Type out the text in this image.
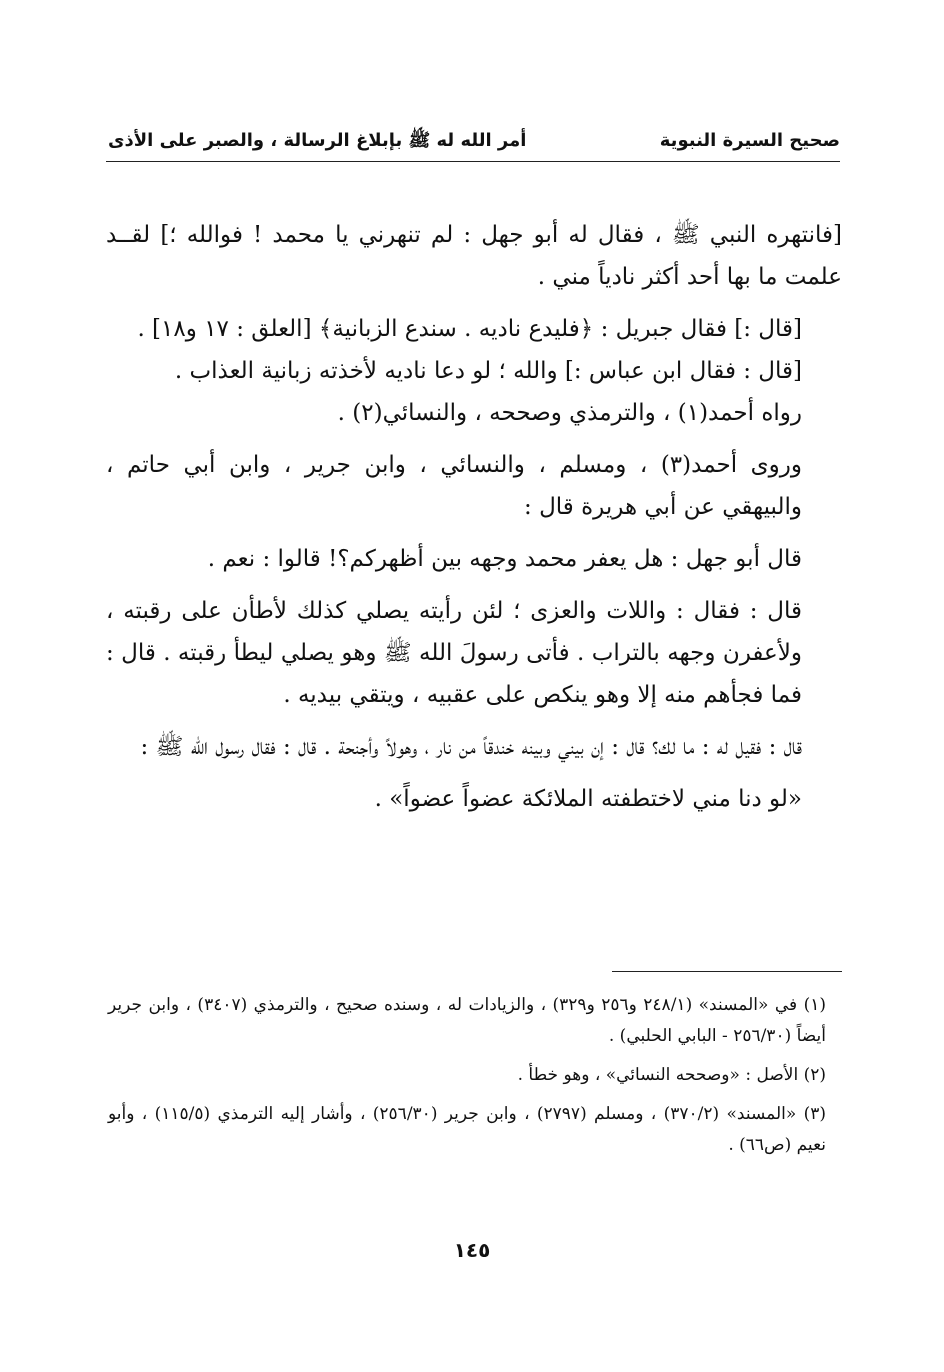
صحيح السيرة النبوية
أمر الله له ﷺ بإبلاغ الرسالة ، والصبر على الأذى

[فانتهره النبي ﷺ ، فقال له أبو جهل : لم تنهرني يا محمد ! فوالله ؛] لقــد علمت ما بها أحد أكثر نادياً مني .

[قال :] فقال جبريل : ﴿فليدع ناديه . سندع الزبانية﴾ [العلق : ١٧ و١٨] .

[قال : فقال ابن عباس :] والله ؛ لو دعا ناديه لأخذته زبانية العذاب .

رواه أحمد(١) ، والترمذي وصححه ، والنسائي(٢) .

وروى أحمد(٣) ، ومسلم ، والنسائي ، وابن جرير ، وابن أبي حاتم ، والبيهقي عن أبي هريرة قال :

قال أبو جهل : هل يعفر محمد وجهه بين أظهركم؟! قالوا : نعم .

قال : فقال : واللات والعزى ؛ لئن رأيته يصلي كذلك لأطأن على رقبته ، ولأعفرن وجهه بالتراب . فأتى رسولَ الله ﷺ وهو يصلي ليطأ رقبته . قال : فما فجأهم منه إلا وهو ينكص على عقبيه ، ويتقي بيديه .

قال : فقيل له : ما لك؟ قال : إن بيني وبينه خندقاً من نار ، وهولاً وأجنحة . قال : فقال رسول الله ﷺ :

«لو دنا مني لاختطفته الملائكة عضواً عضواً» .

(١) في «المسند» (٢٤٨/١ و٢٥٦ و٣٢٩) ، والزيادات له ، وسنده صحيح ، والترمذي (٣٤٠٧) ، وابن جرير أيضاً (٢٥٦/٣٠ - البابي الحلبي) .

(٢) الأصل : «وصححه النسائي» ، وهو خطأ .

(٣) «المسند» (٣٧٠/٢) ، ومسلم (٢٧٩٧) ، وابن جرير (٢٥٦/٣٠) ، وأشار إليه الترمذي (١١٥/٥) ، وأبو نعيم (ص٦٦) .

١٤٥
